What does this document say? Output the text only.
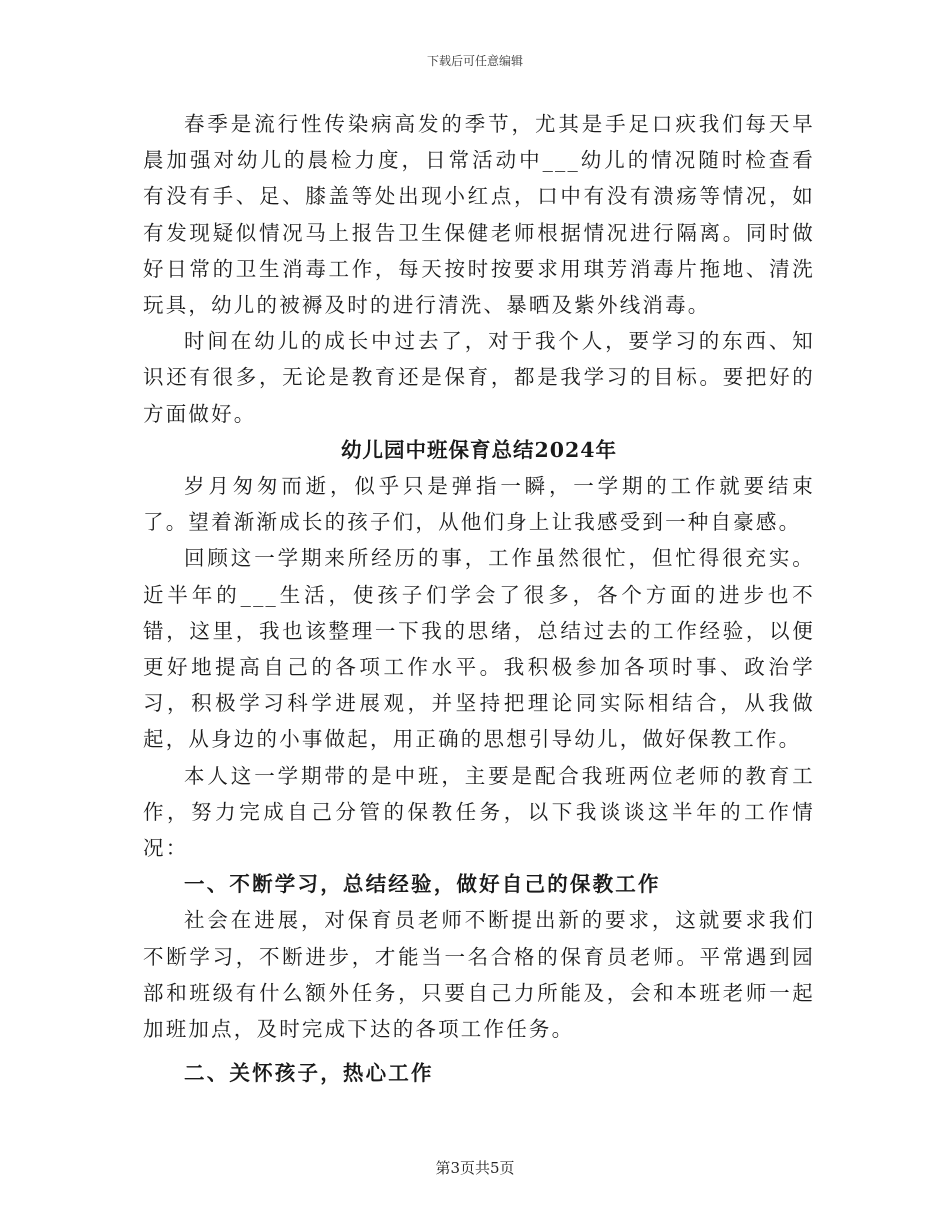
下载后可任意编辑

春季是流行性传染病高发的季节，尤其是手足口疢我们每天早晨加强对幼儿的晨检力度，日常活动中___幼儿的情况随时检查看有没有手、足、膝盖等处出现小红点，口中有没有溃疡等情况，如有发现疑似情况马上报告卫生保健老师根据情况进行隔离。同时做好日常的卫生消毒工作，每天按时按要求用琪芳消毒片拖地、清洗玩具，幼儿的被褥及时的进行清洗、暴晒及紫外线消毒。

时间在幼儿的成长中过去了，对于我个人，要学习的东西、知识还有很多，无论是教育还是保育，都是我学习的目标。要把好的方面做好。

幼儿园中班保育总结2024年

岁月匆匆而逝，似乎只是弹指一瞬，一学期的工作就要结束了。望着渐渐成长的孩子们，从他们身上让我感受到一种自豪感。

回顾这一学期来所经历的事，工作虽然很忙，但忙得很充实。近半年的___生活，使孩子们学会了很多，各个方面的进步也不错，这里，我也该整理一下我的思绪，总结过去的工作经验，以便更好地提高自己的各项工作水平。我积极参加各项时事、政治学习，积极学习科学进展观，并坚持把理论同实际相结合，从我做起，从身边的小事做起，用正确的思想引导幼儿，做好保教工作。

本人这一学期带的是中班，主要是配合我班两位老师的教育工作，努力完成自己分管的保教任务，以下我谈谈这半年的工作情况：

一、不断学习，总结经验，做好自己的保教工作

社会在进展，对保育员老师不断提出新的要求，这就要求我们不断学习，不断进步，才能当一名合格的保育员老师。平常遇到园部和班级有什么额外任务，只要自己力所能及，会和本班老师一起加班加点，及时完成下达的各项工作任务。

二、关怀孩子，热心工作

第3页共5页
